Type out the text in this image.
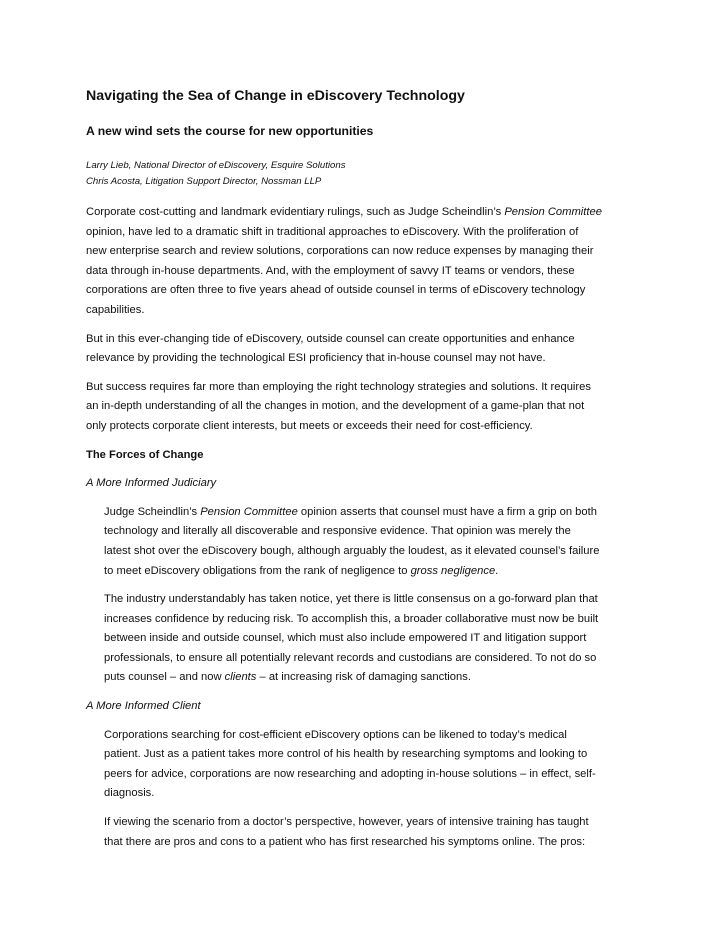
Navigating the Sea of Change in eDiscovery Technology
A new wind sets the course for new opportunities
Larry Lieb, National Director of eDiscovery, Esquire Solutions
Chris Acosta, Litigation Support Director, Nossman LLP

Corporate cost-cutting and landmark evidentiary rulings, such as Judge Scheindlin’s Pension Committee
opinion, have led to a dramatic shift in traditional approaches to eDiscovery. With the proliferation of
new enterprise search and review solutions, corporations can now reduce expenses by managing their
data through in-house departments. And, with the employment of savvy IT teams or vendors, these
corporations are often three to five years ahead of outside counsel in terms of eDiscovery technology
capabilities.

But in this ever-changing tide of eDiscovery, outside counsel can create opportunities and enhance
relevance by providing the technological ESI proficiency that in-house counsel may not have.

But success requires far more than employing the right technology strategies and solutions. It requires
an in-depth understanding of all the changes in motion, and the development of a game-plan that not
only protects corporate client interests, but meets or exceeds their need for cost-efficiency.

The Forces of Change

A More Informed Judiciary

Judge Scheindlin’s Pension Committee opinion asserts that counsel must have a firm a grip on both
technology and literally all discoverable and responsive evidence. That opinion was merely the
latest shot over the eDiscovery bough, although arguably the loudest, as it elevated counsel’s failure
to meet eDiscovery obligations from the rank of negligence to gross negligence.

The industry understandably has taken notice, yet there is little consensus on a go-forward plan that
increases confidence by reducing risk. To accomplish this, a broader collaborative must now be built
between inside and outside counsel, which must also include empowered IT and litigation support
professionals, to ensure all potentially relevant records and custodians are considered. To not do so
puts counsel – and now clients – at increasing risk of damaging sanctions.

A More Informed Client

Corporations searching for cost-efficient eDiscovery options can be likened to today’s medical
patient. Just as a patient takes more control of his health by researching symptoms and looking to
peers for advice, corporations are now researching and adopting in-house solutions – in effect, self-
diagnosis.

If viewing the scenario from a doctor’s perspective, however, years of intensive training has taught
that there are pros and cons to a patient who has first researched his symptoms online. The pros:
